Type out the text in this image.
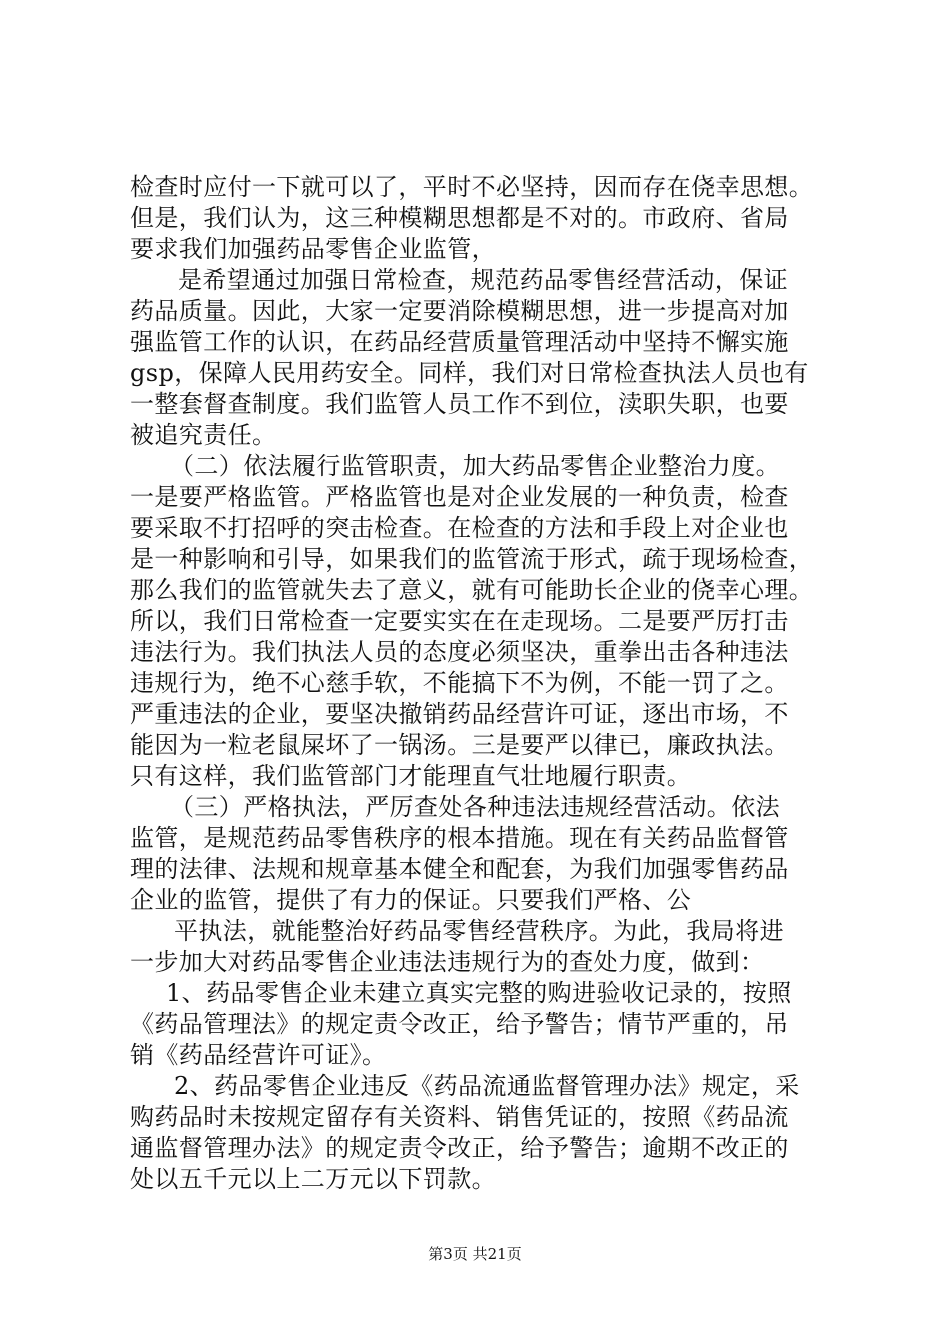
检查时应付一下就可以了，平时不必坚持，因而存在侥幸思想。
但是，我们认为，这三种模糊思想都是不对的。市政府、省局
要求我们加强药品零售企业监管，
是希望通过加强日常检查，规范药品零售经营活动，保证
药品质量。因此，大家一定要消除模糊思想，进一步提高对加
强监管工作的认识，在药品经营质量管理活动中坚持不懈实施
gsp，保障人民用药安全。同样，我们对日常检查执法人员也有
一整套督查制度。我们监管人员工作不到位，渎职失职，也要
被追究责任。
（二）依法履行监管职责，加大药品零售企业整治力度。
一是要严格监管。严格监管也是对企业发展的一种负责，检查
要采取不打招呼的突击检查。在检查的方法和手段上对企业也
是一种影响和引导，如果我们的监管流于形式，疏于现场检查，
那么我们的监管就失去了意义，就有可能助长企业的侥幸心理。
所以，我们日常检查一定要实实在在走现场。二是要严厉打击
违法行为。我们执法人员的态度必须坚决，重拳出击各种违法
违规行为，绝不心慈手软，不能搞下不为例，不能一罚了之。
严重违法的企业，要坚决撤销药品经营许可证，逐出市场，不
能因为一粒老鼠屎坏了一锅汤。三是要严以律已，廉政执法。
只有这样，我们监管部门才能理直气壮地履行职责。
（三）严格执法，严厉查处各种违法违规经营活动。依法
监管，是规范药品零售秩序的根本措施。现在有关药品监督管
理的法律、法规和规章基本健全和配套，为我们加强零售药品
企业的监管，提供了有力的保证。只要我们严格、公
平执法，就能整治好药品零售经营秩序。为此，我局将进
一步加大对药品零售企业违法违规行为的查处力度，做到：
1、药品零售企业未建立真实完整的购进验收记录的，按照
《药品管理法》的规定责令改正，给予警告；情节严重的，吊
销《药品经营许可证》。
2、药品零售企业违反《药品流通监督管理办法》规定，采
购药品时未按规定留存有关资料、销售凭证的，按照《药品流
通监督管理办法》的规定责令改正，给予警告；逾期不改正的
处以五千元以上二万元以下罚款。
第3页 共21页
